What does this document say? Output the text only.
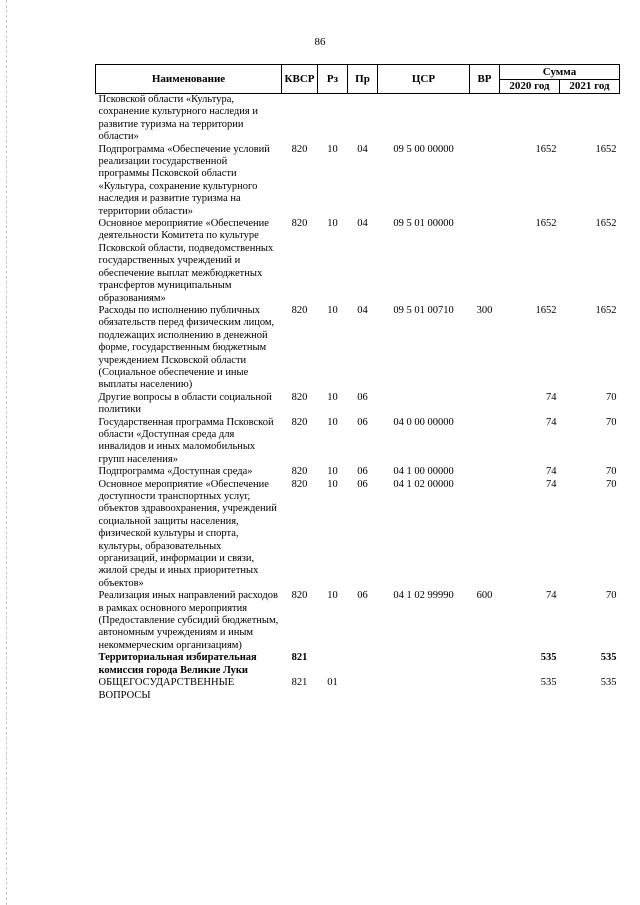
86
Наименование	КВСР	Рз	Пр	ЦСР	ВР	Сумма	
						2020 год	2021 год
Псковской области «Культура, сохранение культурного наследия и развитие туризма на территории области»							
Подпрограмма «Обеспечение условий реализации государственной программы Псковской области «Культура, сохранение культурного наследия и развитие туризма на территории области»	820	10	04	09 5 00 00000		1652	1652
Основное мероприятие «Обеспечение деятельности Комитета по культуре Псковской области, подведомственных государственных учреждений и обеспечение выплат межбюджетных трансфертов муниципальным образованиям»	820	10	04	09 5 01 00000		1652	1652
Расходы по исполнению публичных обязательств перед физическим лицом, подлежащих исполнению в денежной форме, государственным бюджетным учреждением Псковской области (Социальное обеспечение и иные выплаты населению)	820	10	04	09 5 01 00710	300	1652	1652
Другие вопросы в области социальной политики	820	10	06			74	70
Государственная программа Псковской области «Доступная среда для инвалидов и иных маломобильных групп населения»	820	10	06	04 0 00 00000		74	70
Подпрограмма «Доступная среда»	820	10	06	04 1 00 00000		74	70
Основное мероприятие «Обеспечение доступности транспортных услуг, объектов здравоохранения, учреждений социальной защиты населения, физической культуры и спорта, культуры, образовательных организаций, информации и связи, жилой среды и иных приоритетных объектов»	820	10	06	04 1 02 00000		74	70
Реализация иных направлений расходов в рамках основного мероприятия (Предоставление субсидий бюджетным, автономным учреждениям и иным некоммерческим организациям)	820	10	06	04 1 02 99990	600	74	70
Территориальная избирательная комиссия города Великие Луки	821					535	535
ОБЩЕГОСУДАРСТВЕННЫЕ ВОПРОСЫ	821	01				535	535
